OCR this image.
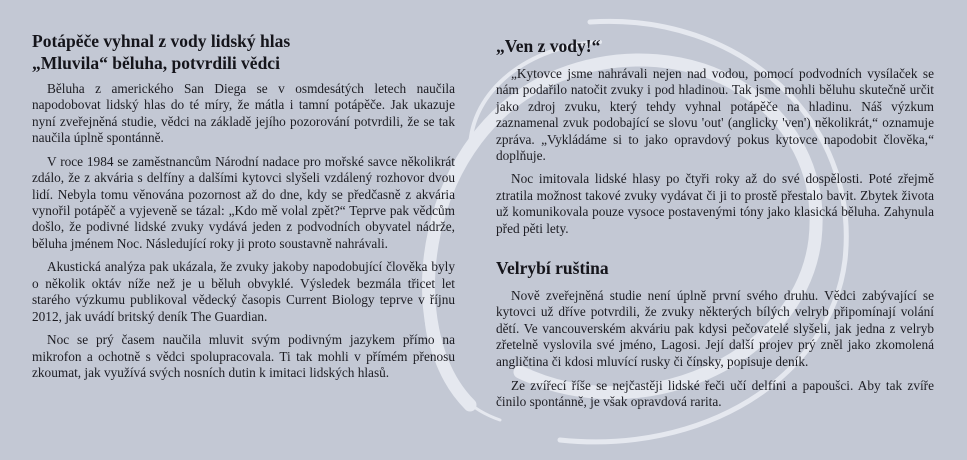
Potápěče vyhnal z vody lidský hlas
„Mluvila“ běluha, potvrdili vědci

Běluha z amerického San Diega se v osmdesátých letech naučila napodobovat lidský hlas do té míry, že mátla i tamní potápěče. Jak ukazuje nyní zveřejněná studie, vědci na základě jejího pozorování potvrdili, že se tak naučila úplně spontánně.

V roce 1984 se zaměstnancům Národní nadace pro mořské savce několikrát zdálo, že z akvária s delfíny a dalšími kytovci slyšeli vzdálený rozhovor dvou lidí. Nebyla tomu věnována pozornost až do dne, kdy se předčasně z akvária vynořil potápěč a vyjeveně se tázal: „Kdo mě volal zpět?“ Teprve pak vědcům došlo, že podivné lidské zvuky vydává jeden z podvodních obyvatel nádrže, běluha jménem Noc. Následující roky ji proto soustavně nahrávali.

Akustická analýza pak ukázala, že zvuky jakoby napodobující člověka byly o několik oktáv níže než je u běluh obvyklé. Výsledek bezmála třicet let starého výzkumu publikoval vědecký časopis Current Biology teprve v říjnu 2012, jak uvádí britský deník The Guardian.

Noc se prý časem naučila mluvit svým podivným jazykem přímo na mikrofon a ochotně s vědci spolupracovala. Ti tak mohli v přímém přenosu zkoumat, jak využívá svých nosních dutin k imitaci lidských hlasů.

„Ven z vody!“

„Kytovce jsme nahrávali nejen nad vodou, pomocí podvodních vysílaček se nám podařilo natočit zvuky i pod hladinou. Tak jsme mohli běluhu skutečně určit jako zdroj zvuku, který tehdy vyhnal potápěče na hladinu. Náš výzkum zaznamenal zvuk podobající se slovu 'out' (anglicky 'ven') několikrát,“ oznamuje zpráva. „Vykládáme si to jako opravdový pokus kytovce napodobit člověka,“ doplňuje.

Noc imitovala lidské hlasy po čtyři roky až do své dospělosti. Poté zřejmě ztratila možnost takové zvuky vydávat či ji to prostě přestalo bavit. Zbytek života už komunikovala pouze vysoce postavenými tóny jako klasická běluha. Zahynula před pěti lety.

Velrybí ruština

Nově zveřejněná studie není úplně první svého druhu. Vědci zabývající se kytovci už dříve potvrdili, že zvuky některých bílých velryb připomínají volání dětí. Ve vancouverském akváriu pak kdysi pečovatelé slyšeli, jak jedna z velryb zřetelně vyslovila své jméno, Lagosi. Její další projev prý zněl jako zkomolená angličtina či kdosi mluvící rusky či čínsky, popisuje deník.

Ze zvířecí říše se nejčastěji lidské řeči učí delfíni a papoušci. Aby tak zvíře činilo spontánně, je však opravdová rarita.
